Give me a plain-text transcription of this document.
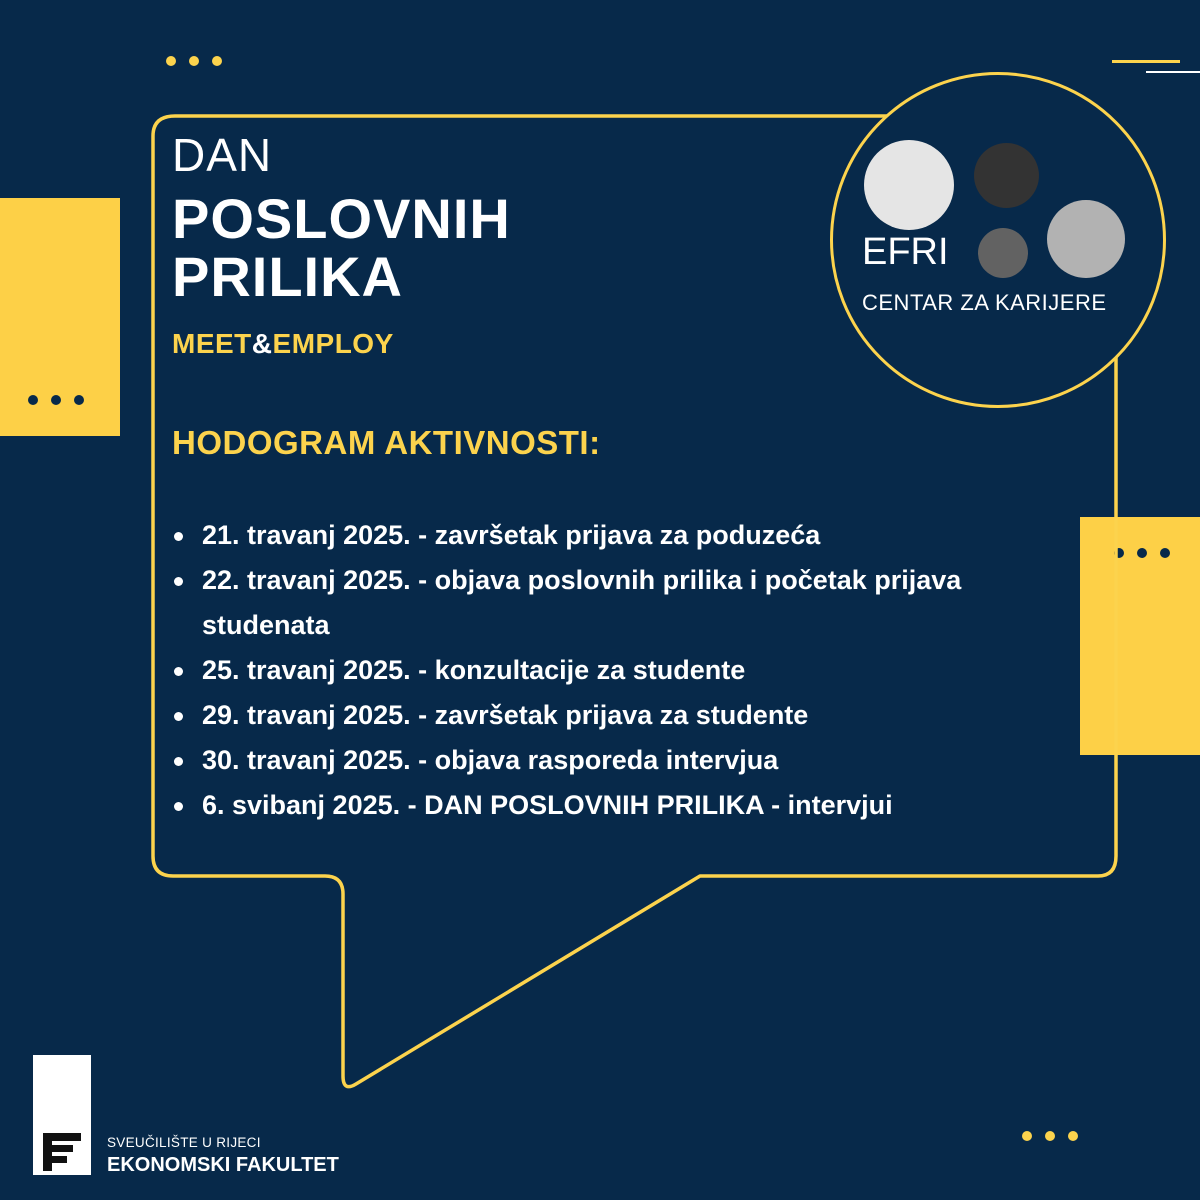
DAN
POSLOVNIH
PRILIKA
MEET&EMPLOY
HODOGRAM AKTIVNOSTI:
21. travanj 2025. - završetak prijava za poduzeća
22. travanj 2025. - objava poslovnih prilika i početak prijava studenata
25. travanj 2025. - konzultacije za studente
29. travanj 2025. - završetak prijava za studente
30. travanj 2025. - objava rasporeda intervjua
6. svibanj 2025. - DAN POSLOVNIH PRILIKA - intervjui
EFRI
CENTAR ZA KARIJERE
SVEUČILIŠTE U RIJECI
EKONOMSKI FAKULTET
